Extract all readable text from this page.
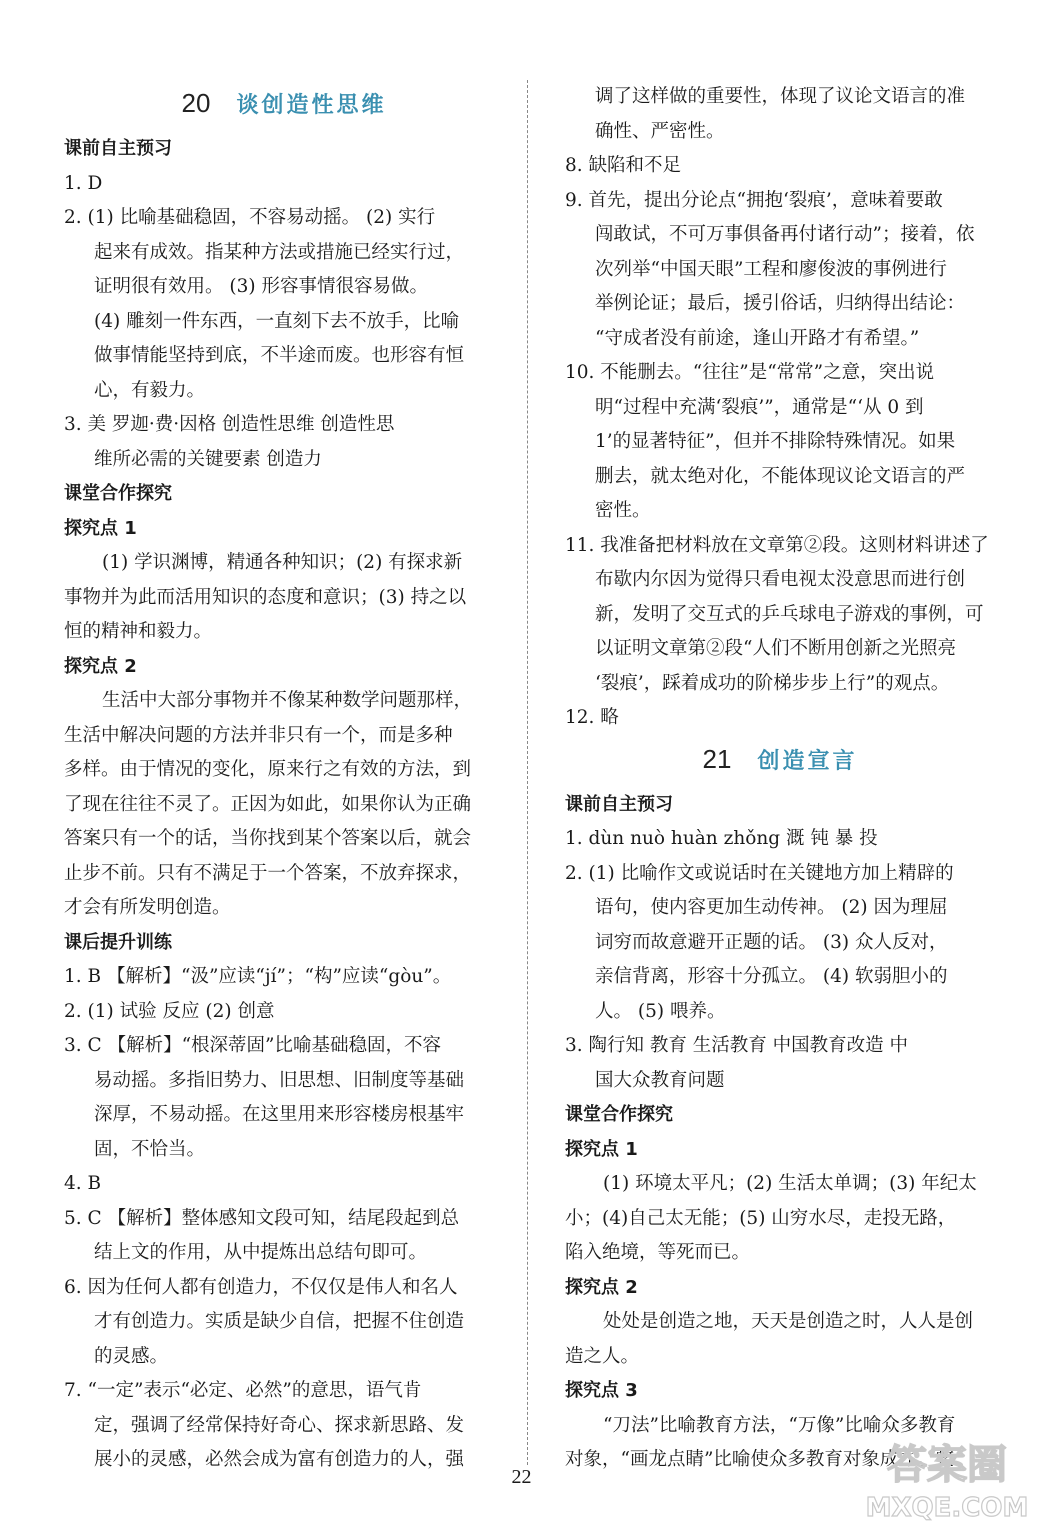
20 谈创造性思维
课前自主预习
1. D
2. (1) 比喻基础稳固，不容易动摇。 (2) 实行
起来有成效。指某种方法或措施已经实行过，
证明很有效用。 (3) 形容事情很容易做。
(4) 雕刻一件东西，一直刻下去不放手，比喻
做事情能坚持到底，不半途而废。也形容有恒
心，有毅力。
3. 美 罗迦·费·因格 创造性思维 创造性思
维所必需的关键要素 创造力
课堂合作探究
探究点 1
(1) 学识渊博，精通各种知识；(2) 有探求新
事物并为此而活用知识的态度和意识；(3) 持之以
恒的精神和毅力。
探究点 2
生活中大部分事物并不像某种数学问题那样，
生活中解决问题的方法并非只有一个，而是多种
多样。由于情况的变化，原来行之有效的方法，到
了现在往往不灵了。正因为如此，如果你认为正确
答案只有一个的话，当你找到某个答案以后，就会
止步不前。只有不满足于一个答案，不放弃探求，
才会有所发明创造。
课后提升训练
1. B 【解析】“汲”应读“jí”；“构”应读“gòu”。
2. (1) 试验 反应 (2) 创意
3. C 【解析】“根深蒂固”比喻基础稳固，不容
易动摇。多指旧势力、旧思想、旧制度等基础
深厚，不易动摇。在这里用来形容楼房根基牢
固，不恰当。
4. B
5. C 【解析】整体感知文段可知，结尾段起到总
结上文的作用，从中提炼出总结句即可。
6. 因为任何人都有创造力，不仅仅是伟人和名人
才有创造力。实质是缺少自信，把握不住创造
的灵感。
7. “一定”表示“必定、必然”的意思，语气肯
定，强调了经常保持好奇心、探求新思路、发
展小的灵感，必然会成为富有创造力的人，强
调了这样做的重要性，体现了议论文语言的准
确性、严密性。
8. 缺陷和不足
9. 首先，提出分论点“拥抱‘裂痕’，意味着要敢
闯敢试，不可万事俱备再付诸行动”；接着，依
次列举“中国天眼”工程和廖俊波的事例进行
举例论证；最后，援引俗话，归纳得出结论：
“守成者没有前途，逢山开路才有希望。”
10. 不能删去。“往往”是“常常”之意，突出说
明“过程中充满‘裂痕’”，通常是“‘从 0 到
1’的显著特征”，但并不排除特殊情况。如果
删去，就太绝对化，不能体现议论文语言的严
密性。
11. 我准备把材料放在文章第②段。这则材料讲述了
布歇内尔因为觉得只看电视太没意思而进行创
新，发明了交互式的乒乓球电子游戏的事例，可
以证明文章第②段“人们不断用创新之光照亮
‘裂痕’，踩着成功的阶梯步步上行”的观点。
12. 略
21 创造宣言
课前自主预习
1. dùn nuò huàn zhǒng 溉 钝 暴 投
2. (1) 比喻作文或说话时在关键地方加上精辟的
语句，使内容更加生动传神。 (2) 因为理屈
词穷而故意避开正题的话。 (3) 众人反对，
亲信背离，形容十分孤立。 (4) 软弱胆小的
人。 (5) 喂养。
3. 陶行知 教育 生活教育 中国教育改造 中
国大众教育问题
课堂合作探究
探究点 1
(1) 环境太平凡；(2) 生活太单调；(3) 年纪太
小；(4)自己太无能；(5) 山穷水尽，走投无路，
陷入绝境，等死而已。
探究点 2
处处是创造之地，天天是创造之时，人人是创
造之人。
探究点 3
“刀法”比喻教育方法，“万像”比喻众多教育
对象，“画龙点睛”比喻使众多教育对象成才。整
22	答案圈
MXQE.COM
